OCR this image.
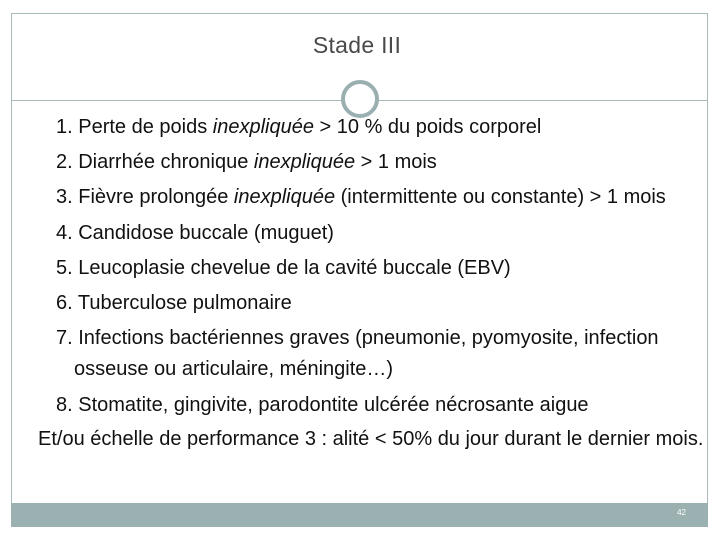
Stade III
1. Perte de poids inexpliquée > 10 % du poids corporel
2. Diarrhée chronique inexpliquée > 1 mois
3. Fièvre prolongée inexpliquée (intermittente ou constante) > 1 mois
4. Candidose buccale (muguet)
5. Leucoplasie chevelue de la cavité buccale (EBV)
6. Tuberculose pulmonaire
7. Infections bactériennes graves (pneumonie, pyomyosite, infection osseuse ou articulaire, méningite…)
8. Stomatite, gingivite, parodontite ulcérée nécrosante aigue
Et/ou échelle de performance 3 : alité < 50% du jour durant le dernier mois.
42
